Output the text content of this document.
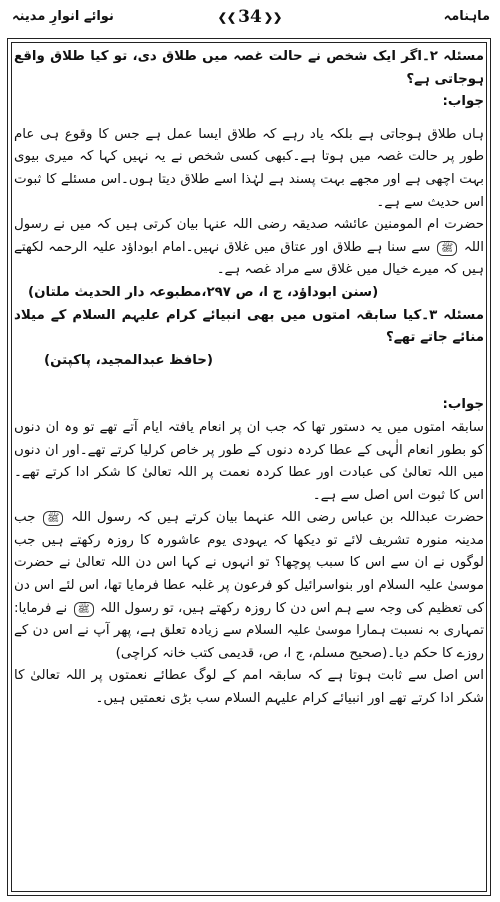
ماہنامہ
❮❮ 34 ❯❯
نوائے انوارِ مدینہ

مسئلہ ۲۔اگر ایک شخص نے حالت غصہ میں طلاق دی، تو کیا طلاق واقع ہوجاتی ہے؟

جواب:

ہاں طلاق ہوجاتی ہے بلکہ یاد رہے کہ طلاق ایسا عمل ہے جس کا وقوع ہی عام طور پر حالت غصہ میں ہوتا ہے۔کبھی کسی شخص نے یہ نہیں کہا کہ میری بیوی بہت اچھی ہے اور مجھے بہت پسند ہے لہٰذا اسے طلاق دیتا ہوں۔اس مسئلے کا ثبوت اس حدیث سے ہے۔

حضرت ام المومنین عائشہ صدیقہ رضی اللہ عنہا بیان کرتی ہیں کہ میں نے رسول اللہ ﷺ سے سنا ہے طلاق اور عتاق میں غلاق نہیں۔امام ابوداؤد علیہ الرحمہ لکھتے ہیں کہ میرے خیال میں غلاق سے مراد غصہ ہے۔

(سنن ابوداؤد، ج ا، ص ۲۹۷،مطبوعہ دار الحدیث ملتان)

مسئلہ ۳۔کیا سابقہ امتوں میں بھی انبیائے کرام علیہم السلام کے میلاد منائے جاتے تھے؟

(حافظ عبدالمجید، پاکپتن)

جواب:

سابقہ امتوں میں یہ دستور تھا کہ جب ان پر انعام یافتہ ایام آتے تھے تو وہ ان دنوں کو بطور انعام الٰہی کے عطا کردہ دنوں کے طور پر خاص کرلیا کرتے تھے۔اور ان دنوں میں اللہ تعالیٰ کی عبادت اور عطا کردہ نعمت پر اللہ تعالیٰ کا شکر ادا کرتے تھے۔اس کا ثبوت اس اصل سے ہے۔

حضرت عبداللہ بن عباس رضی اللہ عنہما بیان کرتے ہیں کہ رسول اللہ ﷺ جب مدینہ منورہ تشریف لائے تو دیکھا کہ یہودی یوم عاشورہ کا روزہ رکھتے ہیں جب لوگوں نے ان سے اس کا سبب پوچھا؟ تو انہوں نے کہا اس دن اللہ تعالیٰ نے حضرت موسیٰ علیہ السلام اور بنواسرائیل کو فرعون پر غلبہ عطا فرمایا تھا، اس لئے اس دن کی تعظیم کی وجہ سے ہم اس دن کا روزہ رکھتے ہیں، تو رسول اللہ ﷺ نے فرمایا: تمہاری بہ نسبت ہمارا موسیٰ علیہ السلام سے زیادہ تعلق ہے، پھر آپ نے اس دن کے روزے کا حکم دیا۔(صحیح مسلم، ج ا، ص، قدیمی کتب خانہ کراچی)

اس اصل سے ثابت ہوتا ہے کہ سابقہ امم کے لوگ عطائے نعمتوں پر اللہ تعالیٰ کا شکر ادا کرتے تھے اور انبیائے کرام علیہم السلام سب بڑی نعمتیں ہیں۔
